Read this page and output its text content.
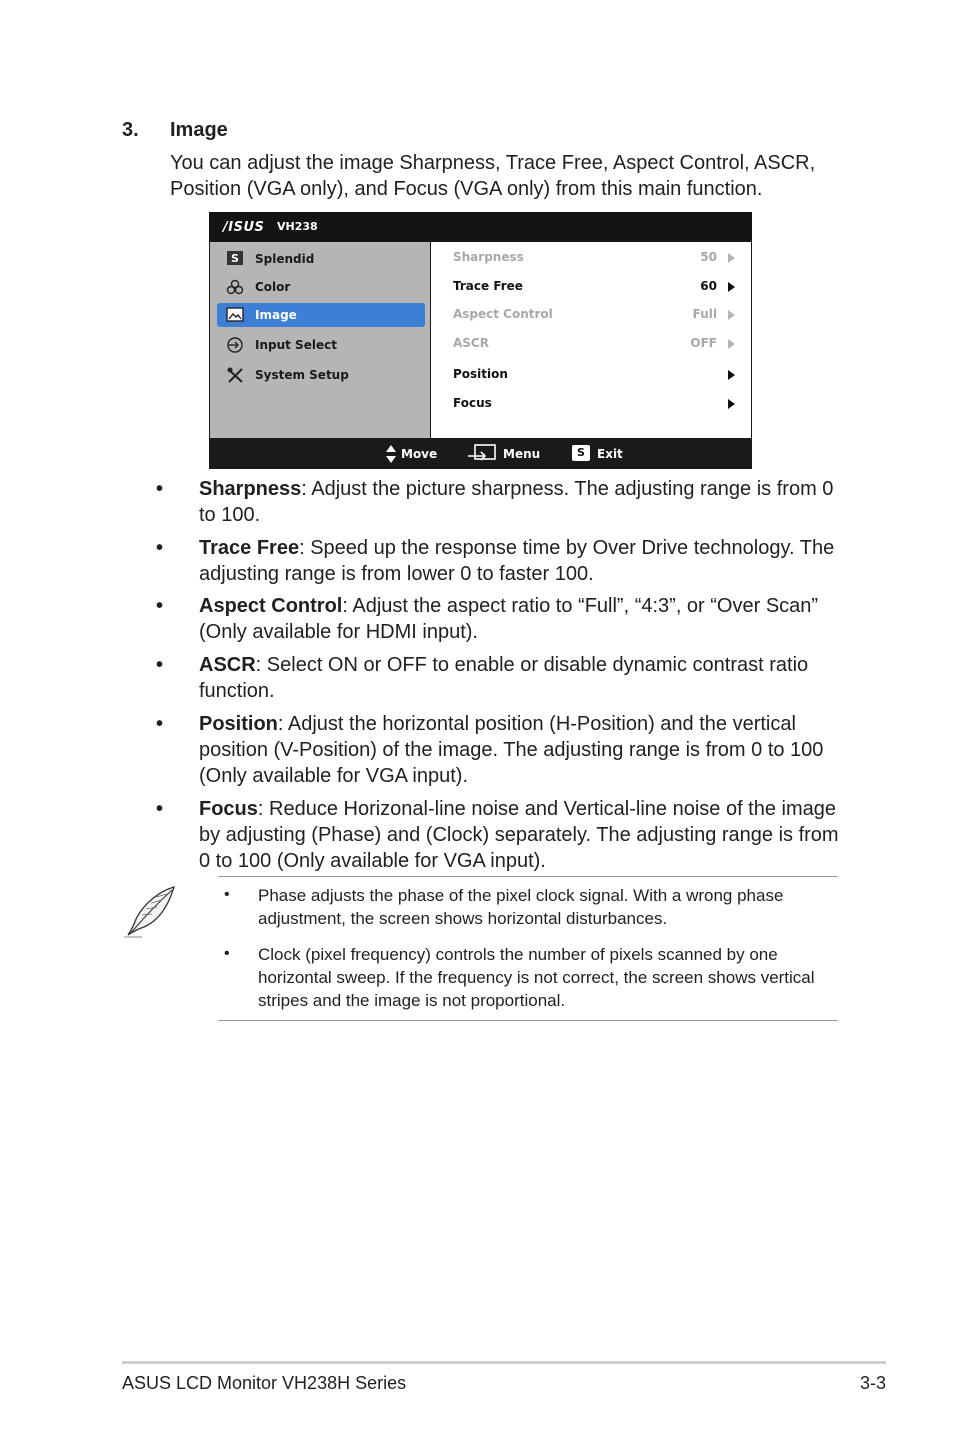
3. Image
You can adjust the image Sharpness, Trace Free, Aspect Control, ASCR, Position (VGA only), and Focus (VGA only) from this main function.
/ISUS VH238
S Splendid
Color
Image
Input Select
System Setup
Sharpness	50
Trace Free	60
Aspect Control	Full
ASCR	OFF
Position
Focus
Move	Menu	S	Exit
• Sharpness: Adjust the picture sharpness. The adjusting range is from 0 to 100.
• Trace Free: Speed up the response time by Over Drive technology. The adjusting range is from lower 0 to faster 100.
• Aspect Control: Adjust the aspect ratio to “Full”, “4:3”, or “Over Scan” (Only available for HDMI input).
• ASCR: Select ON or OFF to enable or disable dynamic contrast ratio function.
• Position: Adjust the horizontal position (H-Position) and the vertical position (V-Position) of the image. The adjusting range is from 0 to 100 (Only available for VGA input).
• Focus: Reduce Horizonal-line noise and Vertical-line noise of the image by adjusting (Phase) and (Clock) separately. The adjusting range is from 0 to 100 (Only available for VGA input).
• Phase adjusts the phase of the pixel clock signal. With a wrong phase adjustment, the screen shows horizontal disturbances.
• Clock (pixel frequency) controls the number of pixels scanned by one horizontal sweep. If the frequency is not correct, the screen shows vertical stripes and the image is not proportional.
ASUS LCD Monitor VH238H Series	3-3
